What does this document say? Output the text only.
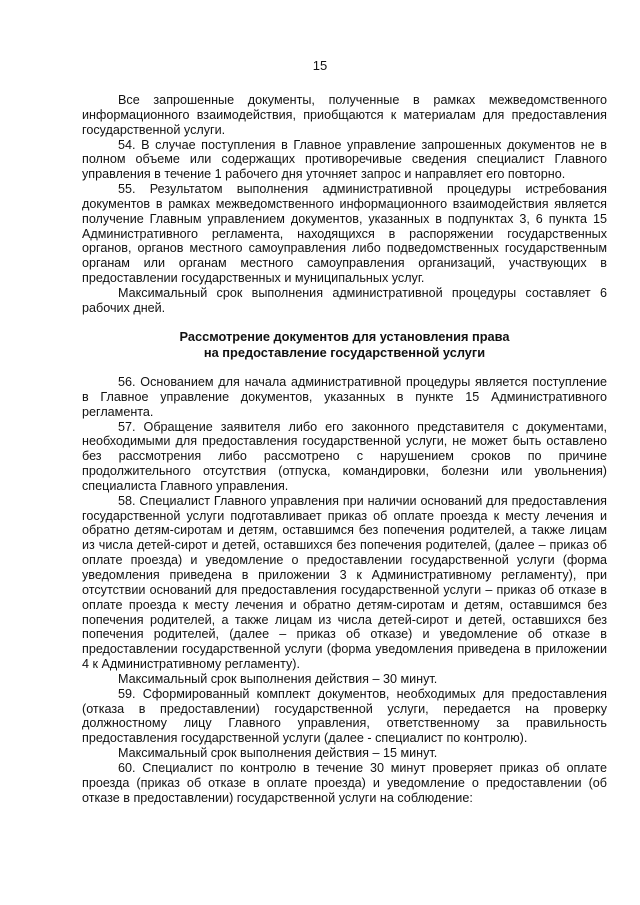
15

Все запрошенные документы, полученные в рамках межведомственного информационного взаимодействия, приобщаются к материалам для предоставления государственной услуги.

54. В случае поступления в Главное управление запрошенных документов не в полном объеме или содержащих противоречивые сведения специалист Главного управления в течение 1 рабочего дня уточняет запрос и направляет его повторно.

55. Результатом выполнения административной процедуры истребования документов в рамках межведомственного информационного взаимодействия является получение Главным управлением документов, указанных в подпунктах 3, 6 пункта 15 Административного регламента, находящихся в распоряжении государственных органов, органов местного самоуправления либо подведомственных государственным органам или органам местного самоуправления организаций, участвующих в предоставлении государственных и муниципальных услуг.

Максимальный срок выполнения административной процедуры составляет 6 рабочих дней.

Рассмотрение документов для установления права
на предоставление государственной услуги

56. Основанием для начала административной процедуры является поступление в Главное управление документов, указанных в пункте 15 Административного регламента.

57. Обращение заявителя либо его законного представителя с документами, необходимыми для предоставления государственной услуги, не может быть оставлено без рассмотрения либо рассмотрено с нарушением сроков по причине продолжительного отсутствия (отпуска, командировки, болезни или увольнения) специалиста Главного управления.

58. Специалист Главного управления при наличии оснований для предоставления государственной услуги подготавливает приказ об оплате проезда к месту лечения и обратно детям-сиротам и детям, оставшимся без попечения родителей, а также лицам из числа детей-сирот и детей, оставшихся без попечения родителей, (далее – приказ об оплате проезда) и уведомление о предоставлении государственной услуги (форма уведомления приведена в приложении 3 к Административному регламенту), при отсутствии оснований для предоставления государственной услуги – приказ об отказе в оплате проезда к месту лечения и обратно детям-сиротам и детям, оставшимся без попечения родителей, а также лицам из числа детей-сирот и детей, оставшихся без попечения родителей, (далее – приказ об отказе) и уведомление об отказе в предоставлении государственной услуги (форма уведомления приведена в приложении 4 к Административному регламенту).

Максимальный срок выполнения действия – 30 минут.

59. Сформированный комплект документов, необходимых для предоставления (отказа в предоставлении) государственной услуги, передается на проверку должностному лицу Главного управления, ответственному за правильность предоставления государственной услуги (далее - специалист по контролю).

Максимальный срок выполнения действия – 15 минут.

60. Специалист по контролю в течение 30 минут проверяет приказ об оплате проезда (приказ об отказе в оплате проезда) и уведомление о предоставлении (об отказе в предоставлении) государственной услуги на соблюдение:
